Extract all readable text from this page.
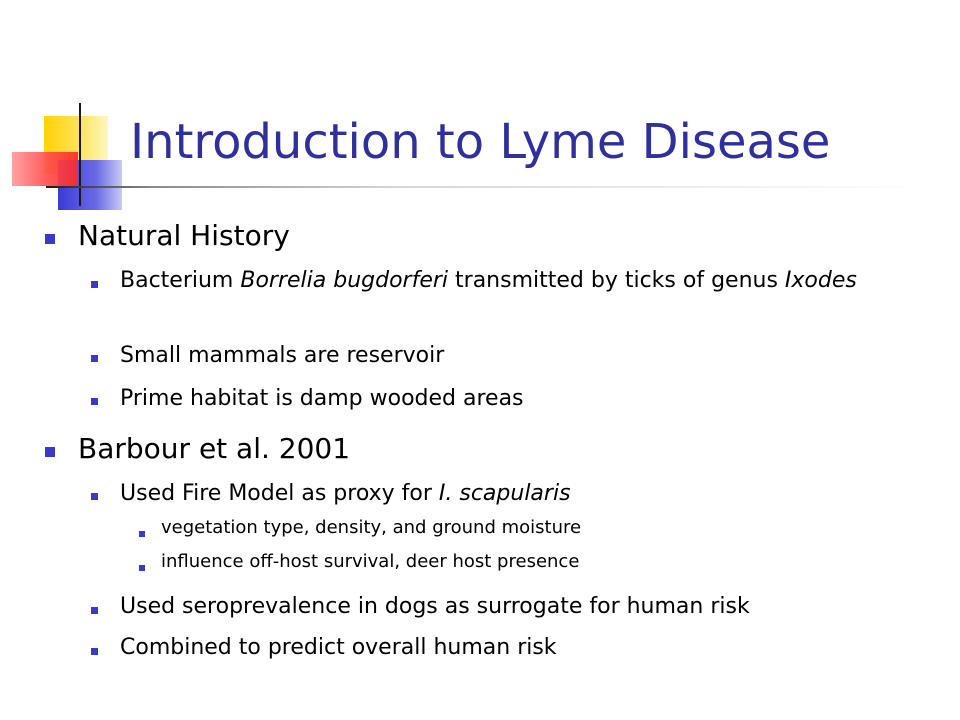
Introduction to Lyme Disease

Natural History

Bacterium Borrelia bugdorferi transmitted by ticks of genus Ixodes

Small mammals are reservoir

Prime habitat is damp wooded areas

Barbour et al. 2001

Used Fire Model as proxy for I. scapularis

vegetation type, density, and ground moisture

influence off-host survival, deer host presence

Used seroprevalence in dogs as surrogate for human risk

Combined to predict overall human risk
